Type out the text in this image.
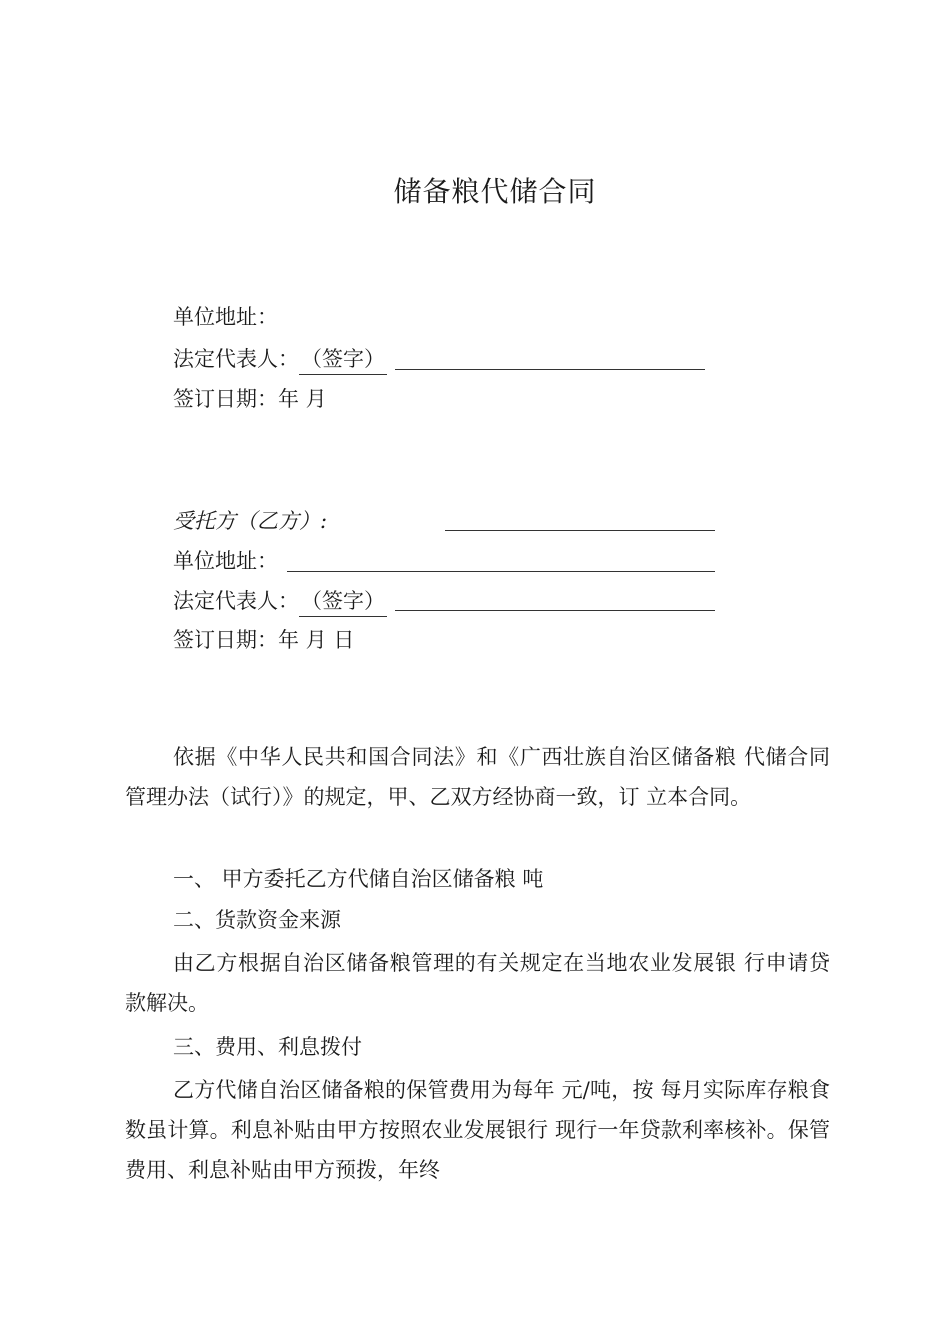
储备粮代储合同
单位地址：
法定代表人：（签字）
签订日期：年 月
受托方（乙方）:
单位地址：
法定代表人：（签字）
签订日期：年 月 日
依据《中华人民共和国合同法》和《广西壮族自治区储备粮 代储合同管理办法（试行）》的规定，甲、乙双方经协商一致，订 立本合同。
一、 甲方委托乙方代储自治区储备粮 吨
二、货款资金来源
由乙方根据自治区储备粮管理的有关规定在当地农业发展银 行申请贷款解决。
三、费用、利息拨付
乙方代储自治区储备粮的保管费用为每年 元/吨，按 每月实际库存粮食数虽计算。利息补贴由甲方按照农业发展银行 现行一年贷款利率核补。保管费用、利息补贴由甲方预拨，年终
